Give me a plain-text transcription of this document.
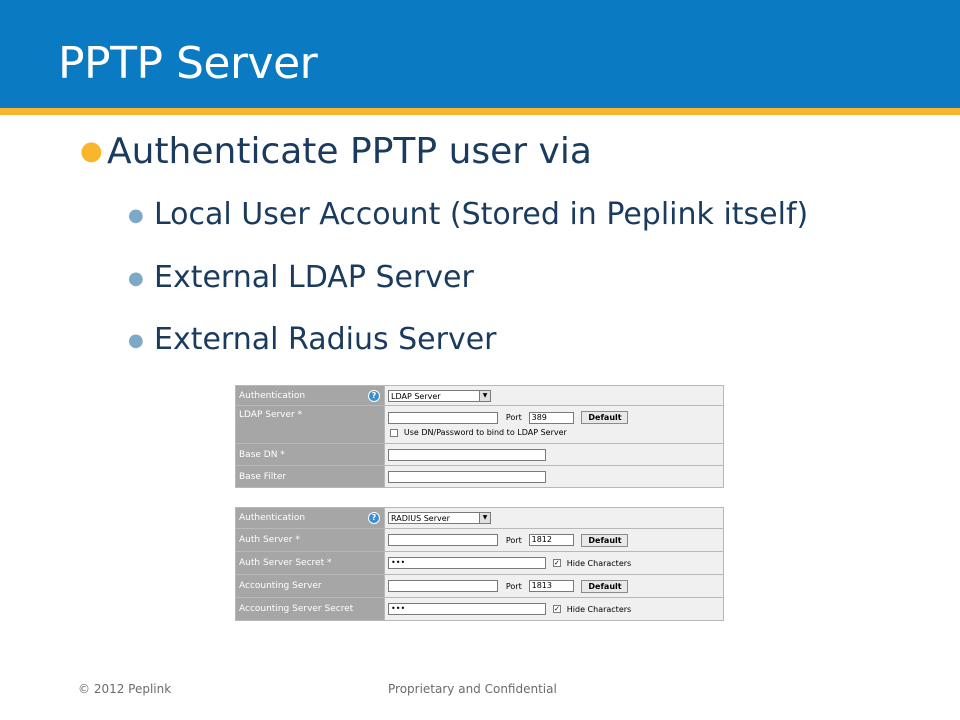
PPTP Server
● Authenticate PPTP user via
● Local User Account (Stored in Peplink itself)
● External LDAP Server
● External Radius Server
Authentication ?	LDAP Server ▼

LDAP Server *	Port 389 Default
Use DN/Password to bind to LDAP Server

Base DN *	
Base Filter	
Authentication ?	RADIUS Server ▼

Auth Server *	Port 1812 Default
Auth Server Secret *	••• ✓ Hide Characters
Accounting Server	Port 1813 Default
Accounting Server Secret	••• ✓ Hide Characters
© 2012 Peplink	Proprietary and Confidential
